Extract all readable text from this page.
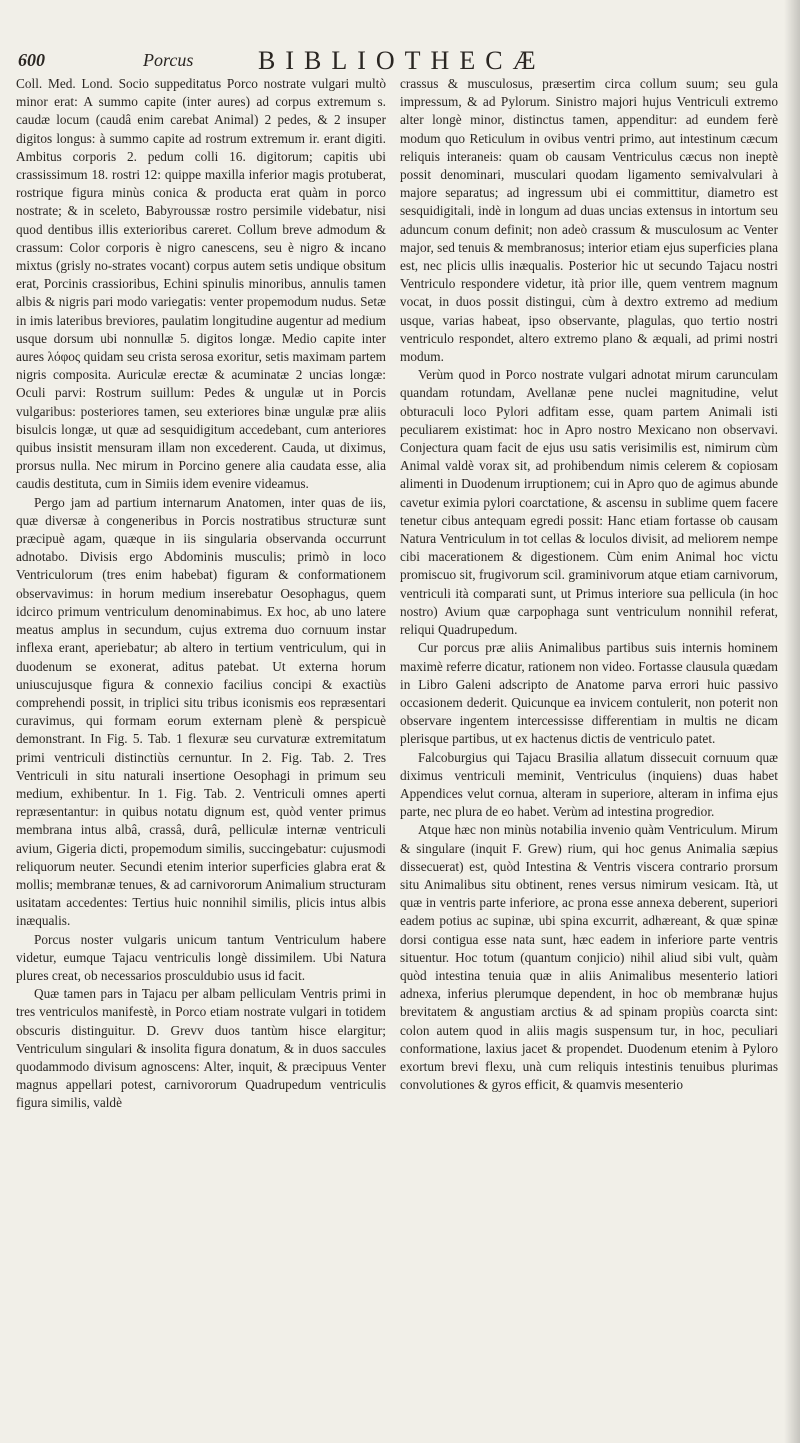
600	Porcus BIBLIOTHECÆ

Coll. Med. Lond. Socio suppeditatus Porco nostrate vulgari multò minor erat: A summo capite (inter aures) ad corpus extremum s. caudæ locum (caudâ enim carebat Animal) 2 pedes, & 2 insuper digitos longus: à summo capite ad rostrum extremum ir. erant digiti. Ambitus corporis 2. pedum colli 16. digitorum; capitis ubi crassissimum 18. rostri 12: quippe maxilla inferior magis protuberat, rostrique figura minùs conica & producta erat quàm in porco nostrate; & in sceleto, Babyroussæ rostro persimile videbatur, nisi quod dentibus illis exterioribus careret. Collum breve admodum & crassum: Color corporis è nigro canescens, seu è nigro & incano mixtus (grisly no-strates vocant) corpus autem setis undique obsitum erat, Porcinis crassioribus, Echini spinulis minoribus, annulis tamen albis & nigris pari modo variegatis: venter propemodum nudus. Setæ in imis lateribus breviores, paulatim longitudine augentur ad medium usque dorsum ubi nonnullæ 5. digitos longæ. Medio capite inter aures λόφος quidam seu crista serosa exoritur, setis maximam partem nigris composita. Auriculæ erectæ & acuminatæ 2 uncias longæ: Oculi parvi: Rostrum suillum: Pedes & ungulæ ut in Porcis vulgaribus: posteriores tamen, seu exteriores binæ ungulæ præ aliis bisulcis longæ, ut quæ ad sesquidigitum accedebant, cum anteriores quibus insistit mensuram illam non excederent. Cauda, ut diximus, prorsus nulla. Nec mirum in Porcino genere alia caudata esse, alia caudis destituta, cum in Simiis idem evenire videamus.

Pergo jam ad partium internarum Anatomen, inter quas de iis, quæ diversæ à congeneribus in Porcis nostratibus structuræ sunt præcipuè agam, quæque in iis singularia observanda occurrunt adnotabo. Divisis ergo Abdominis musculis; primò in loco Ventriculorum (tres enim habebat) figuram & conformationem observavimus: in horum medium inserebatur Oesophagus, quem idcirco primum ventriculum denominabimus. Ex hoc, ab uno latere meatus amplus in secundum, cujus extrema duo cornuum instar inflexa erant, aperiebatur; ab altero in tertium ventriculum, qui in duodenum se exonerat, aditus patebat. Ut externa horum uniuscujusque figura & connexio facilius concipi & exactiùs comprehendi possit, in triplici situ tribus iconismis eos repræsentari curavimus, qui formam eorum externam plenè & perspicuè demonstrant. In Fig. 5. Tab. 1 flexuræ seu curvaturæ extremitatum primi ventriculi distinctiùs cernuntur. In 2. Fig. Tab. 2. Tres Ventriculi in situ naturali insertione Oesophagi in primum seu medium, exhibentur. In 1. Fig. Tab. 2. Ventriculi omnes aperti repræsentantur: in quibus notatu dignum est, quòd venter primus membrana intus albâ, crassâ, durâ, pelliculæ internæ ventriculi avium, Gigeria dicti, propemodum similis, succingebatur: cujusmodi reliquorum neuter. Secundi etenim interior superficies glabra erat & mollis; membranæ tenues, & ad carnivororum Animalium structuram usitatam accedentes: Tertius huic nonnihil similis, plicis intus albis inæqualis.

Porcus noster vulgaris unicum tantum Ventriculum habere videtur, eumque Tajacu ventriculis longè dissimilem. Ubi Natura plures creat, ob necessarios prosculdubio usus id facit.

Quæ tamen pars in Tajacu per albam pelliculam Ventris primi in tres ventriculos manifestè, in Porco etiam nostrate vulgari in totidem obscuris distinguitur. D. Grevv duos tantùm hisce elargitur; Ventriculum singulari & insolita figura donatum, & in duos saccules quodammodo divisum agnoscens: Alter, inquit, & præcipuus Venter magnus appellari potest, carnivororum Quadrupedum ventriculis figura similis, valdè

crassus & musculosus, præsertim circa collum suum; seu gula impressum, & ad Pylorum. Sinistro majori hujus Ventriculi extremo alter longè minor, distinctus tamen, appenditur: ad eundem ferè modum quo Reticulum in ovibus ventri primo, aut intestinum cæcum reliquis interaneis: quam ob causam Ventriculus cæcus non ineptè possit denominari, musculari quodam ligamento semivalvulari à majore separatus; ad ingressum ubi ei committitur, diametro est sesquidigitali, indè in longum ad duas uncias extensus in intortum seu aduncum conum definit; non adeò crassum & musculosum ac Venter major, sed tenuis & membranosus; interior etiam ejus superficies plana est, nec plicis ullis inæqualis. Posterior hic ut secundo Tajacu nostri Ventriculo respondere videtur, ità prior ille, quem ventrem magnum vocat, in duos possit distingui, cùm à dextro extremo ad medium usque, varias habeat, ipso observante, plagulas, quo tertio nostri ventriculo respondet, altero extremo plano & æquali, ad primi nostri modum.

Verùm quod in Porco nostrate vulgari adnotat mirum carunculam quandam rotundam, Avellanæ pene nuclei magnitudine, velut obturaculi loco Pylori adfitam esse, quam partem Animali isti peculiarem existimat: hoc in Apro nostro Mexicano non observavi. Conjectura quam facit de ejus usu satis verisimilis est, nimirum cùm Animal valdè vorax sit, ad prohibendum nimis celerem & copiosam alimenti in Duodenum irruptionem; cui in Apro quo de agimus abunde cavetur eximia pylori coarctatione, & ascensu in sublime quem facere tenetur cibus antequam egredi possit: Hanc etiam fortasse ob causam Natura Ventriculum in tot cellas & loculos divisit, ad meliorem nempe cibi macerationem & digestionem. Cùm enim Animal hoc victu promiscuo sit, frugivorum scil. graminivorum atque etiam carnivorum, ventriculi ità comparati sunt, ut Primus interiore sua pellicula (in hoc nostro) Avium quæ carpophaga sunt ventriculum nonnihil referat, reliqui Quadrupedum.

Cur porcus præ aliis Animalibus partibus suis internis hominem maximè referre dicatur, rationem non video. Fortasse clausula quædam in Libro Galeni adscripto de Anatome parva errori huic passivo occasionem dederit. Quicunque ea invicem contulerit, non poterit non observare ingentem intercessisse differentiam in multis ne dicam plerisque partibus, ut ex hactenus dictis de ventriculo patet.

Falcoburgius qui Tajacu Brasilia allatum dissecuit cornuum quæ diximus ventriculi meminit, Ventriculus (inquiens) duas habet Appendices velut cornua, alteram in superiore, alteram in infima ejus parte, nec plura de eo habet. Verùm ad intestina progredior.

Atque hæc non minùs notabilia invenio quàm Ventriculum. Mirum & singulare (inquit F. Grew) rium, qui hoc genus Animalia sæpius dissecuerat) est, quòd Intestina & Ventris viscera contrario prorsum situ Animalibus situ obtinent, renes versus nimirum vesicam. Ità, ut quæ in ventris parte inferiore, ac prona esse annexa deberent, superiori eadem potius ac supinæ, ubi spina excurrit, adhæreant, & quæ spinæ dorsi contigua esse nata sunt, hæc eadem in inferiore parte ventris situentur. Hoc totum (quantum conjicio) nihil aliud sibi vult, quàm quòd intestina tenuia quæ in aliis Animalibus mesenterio latiori adnexa, inferius plerumque dependent, in hoc ob membranæ hujus brevitatem & angustiam arctius & ad spinam propiùs coarcta sint: colon autem quod in aliis magis suspensum tur, in hoc, peculiari conformatione, laxius jacet & propendet. Duodenum etenim à Pyloro exortum brevi flexu, unà cum reliquis intestinis tenuibus plurimas convolutiones & gyros efficit, & quamvis mesenterio
